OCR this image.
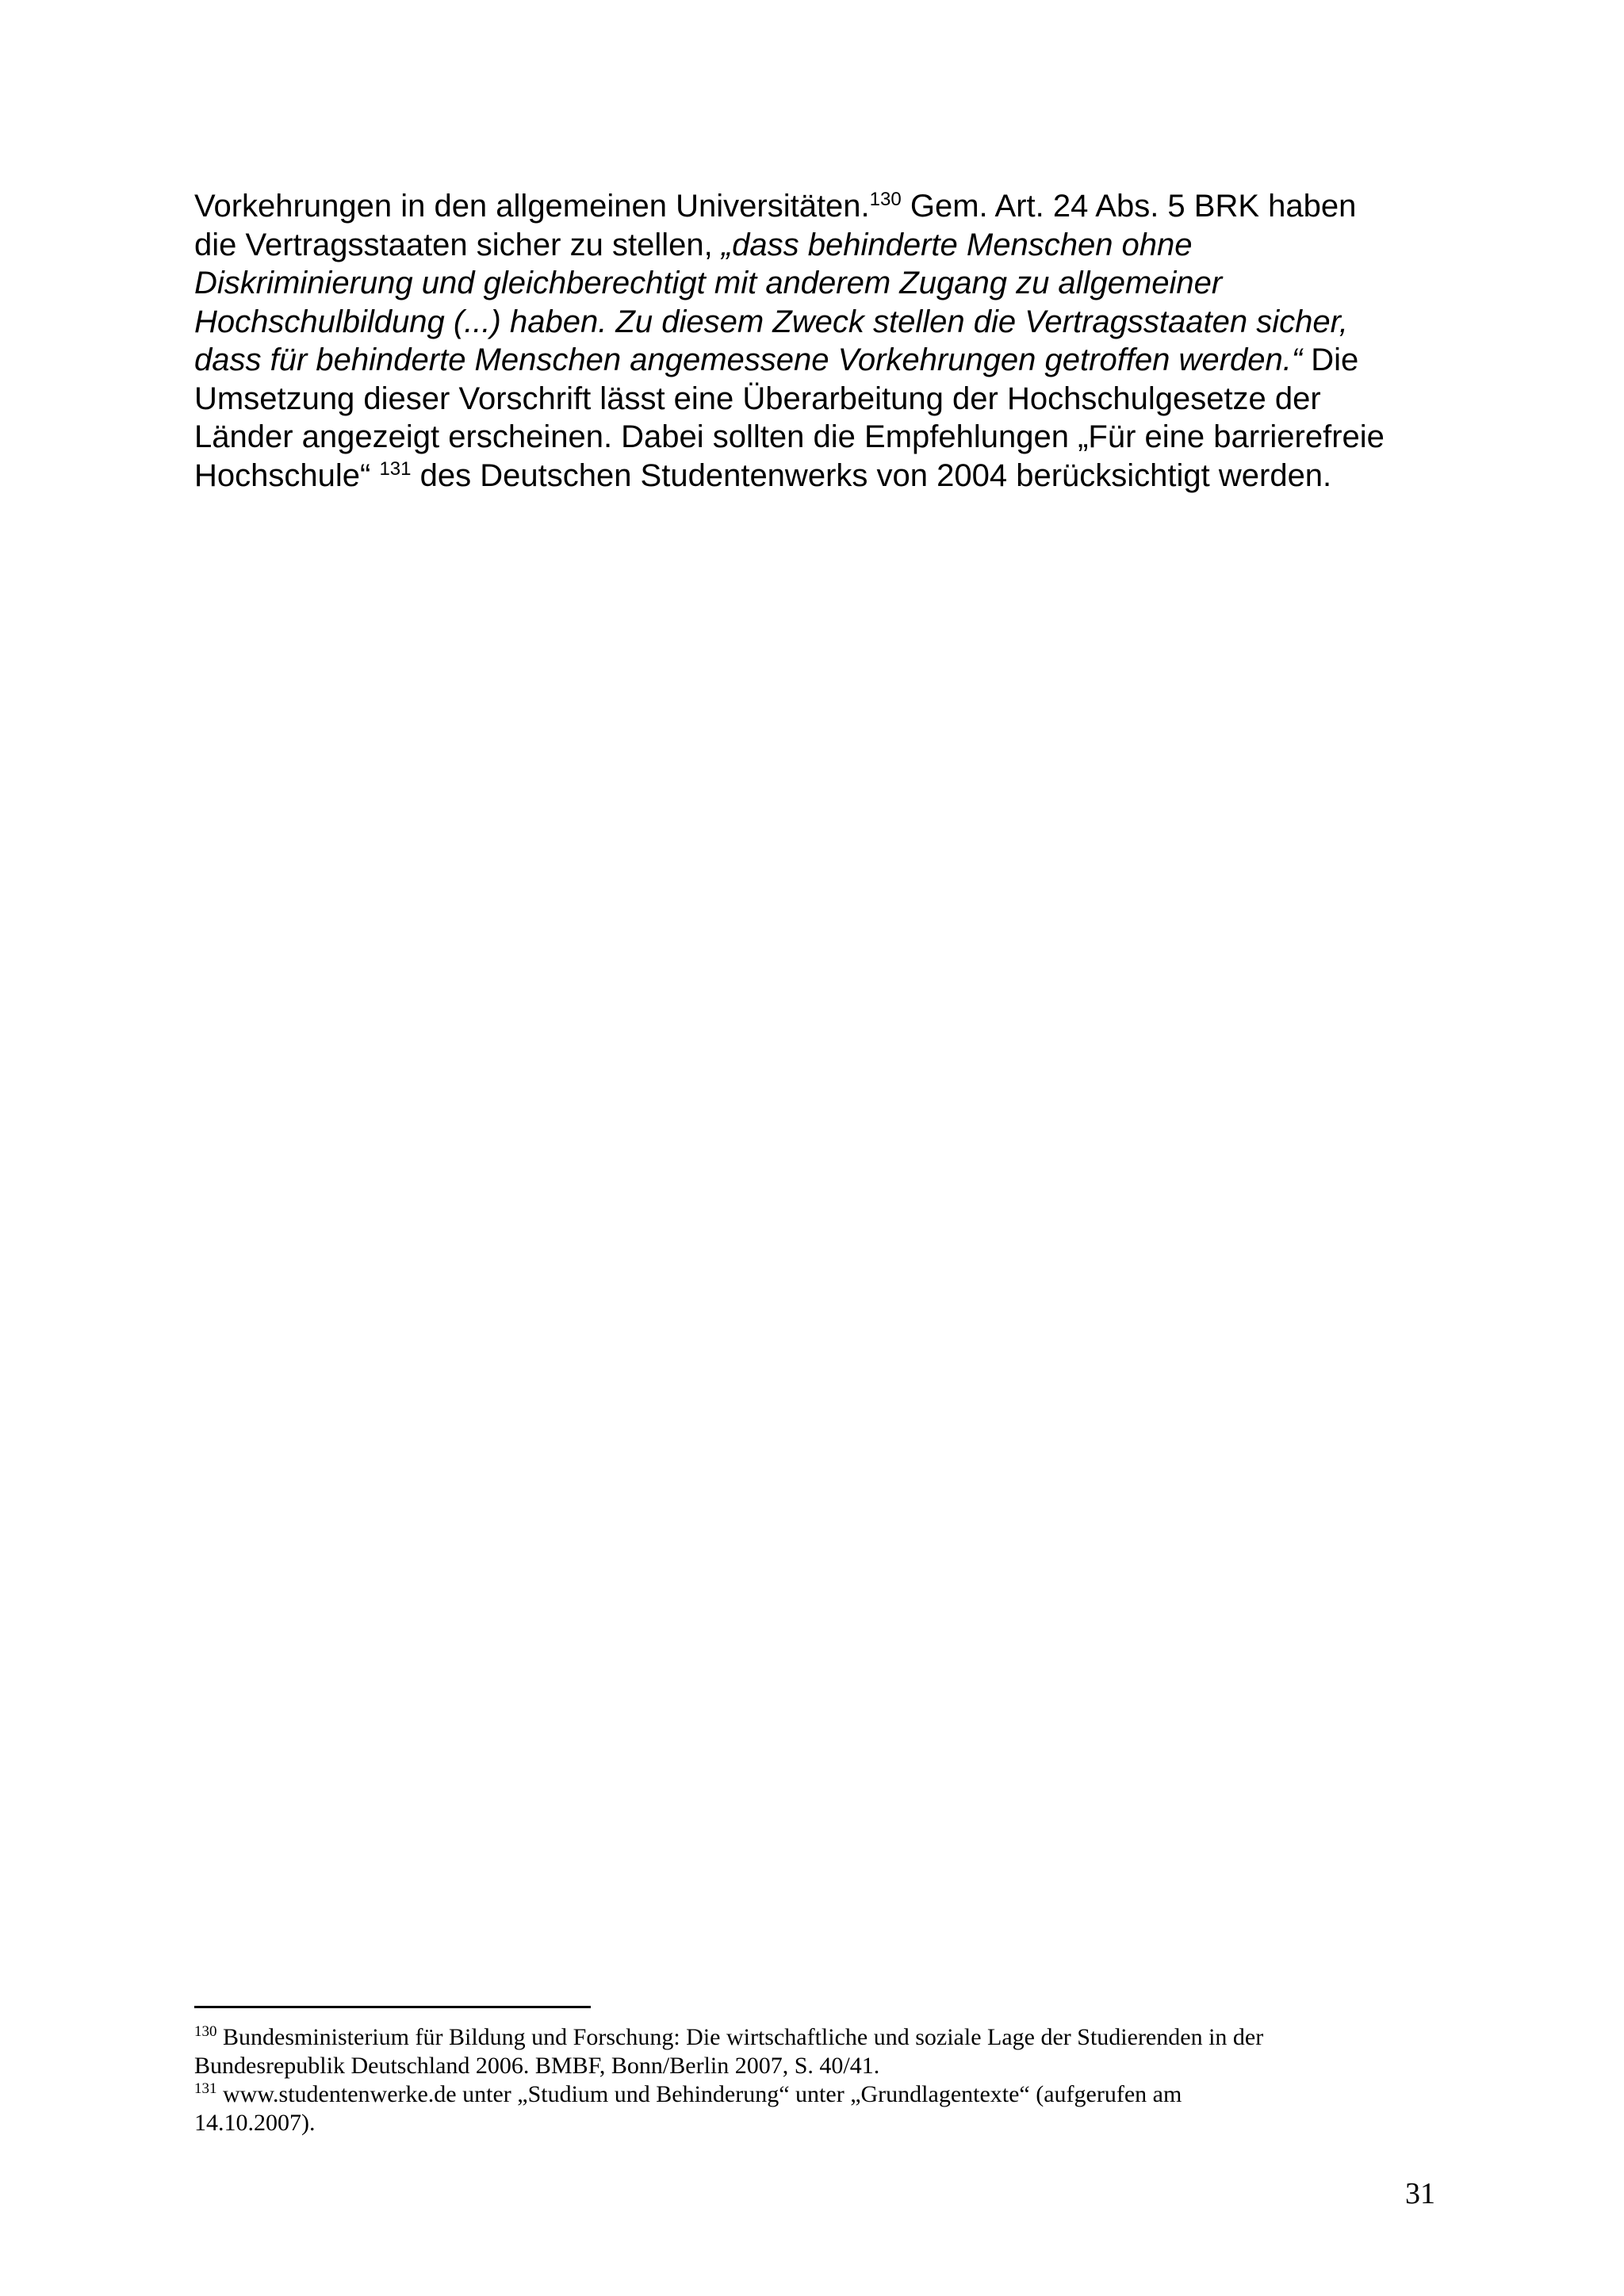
Vorkehrungen in den allgemeinen Universitäten.$^{130}$ Gem. Art. 24 Abs. 5 BRK haben
die Vertragsstaaten sicher zu stellen, „dass behinderte Menschen ohne
Diskriminierung und gleichberechtigt mit anderem Zugang zu allgemeiner
Hochschulbildung (...) haben. Zu diesem Zweck stellen die Vertragsstaaten sicher,
dass für behinderte Menschen angemessene Vorkehrungen getroffen werden.“ Die
Umsetzung dieser Vorschrift lässt eine Überarbeitung der Hochschulgesetze der
Länder angezeigt erscheinen. Dabei sollten die Empfehlungen „Für eine barrierefreie
Hochschule“ $^{131}$ des Deutschen Studentenwerks von 2004 berücksichtigt werden.
$^{130}$ Bundesministerium für Bildung und Forschung: Die wirtschaftliche und soziale Lage der Studierenden in der
Bundesrepublik Deutschland 2006. BMBF, Bonn/Berlin 2007, S. 40/41.
$^{131}$ www.studentenwerke.de unter „Studium und Behinderung“ unter „Grundlagentexte“ (aufgerufen am
14.10.2007).
31
